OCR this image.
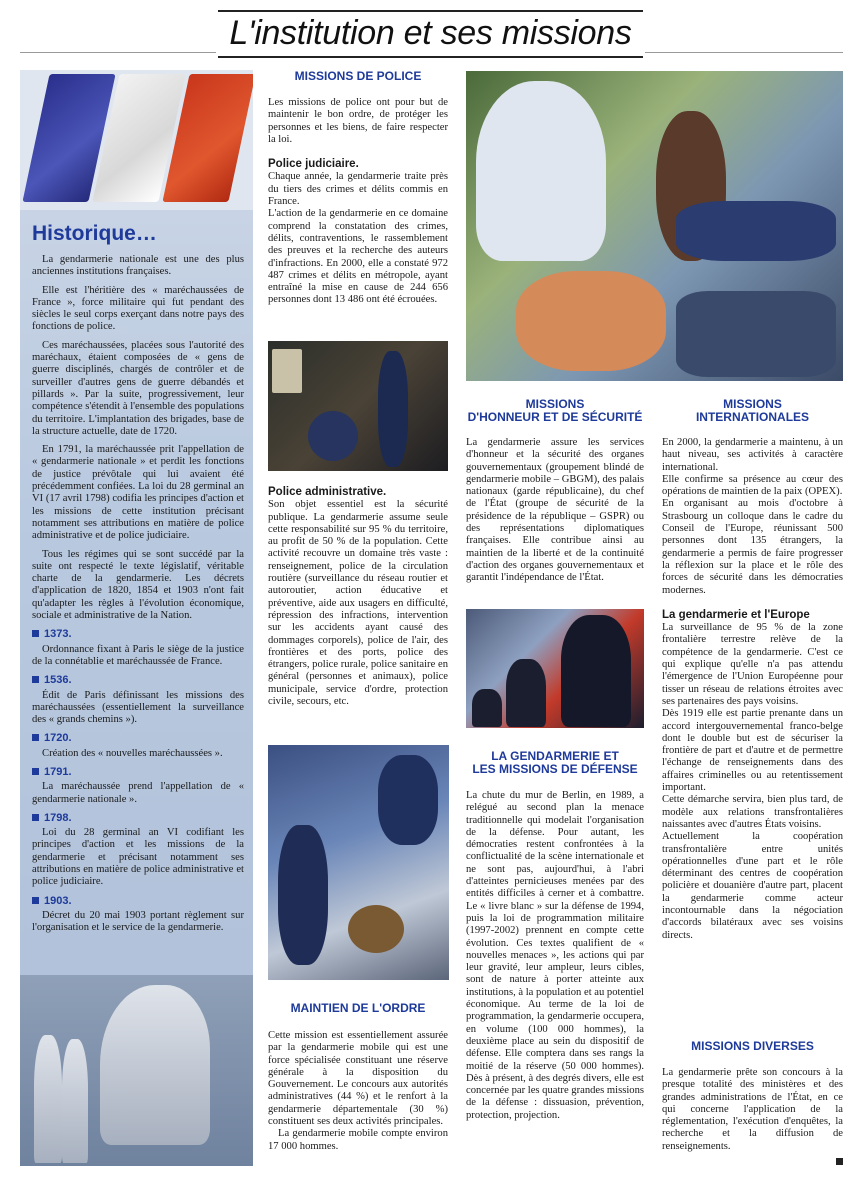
L'institution et ses missions
Historique…

La gendarmerie nationale est une des plus anciennes institutions françaises.

Elle est l'héritière des « maréchaussées de France », force militaire qui fut pendant des siècles le seul corps exerçant dans notre pays des fonctions de police.

Ces maréchaussées, placées sous l'autorité des maréchaux, étaient composées de « gens de guerre disciplinés, chargés de contrôler et de surveiller d'autres gens de guerre débandés et pillards ». Par la suite, progressivement, leur compétence s'étendit à l'ensemble des populations du territoire. L'implantation des brigades, base de la structure actuelle, date de 1720.

En 1791, la maréchaussée prit l'appellation de « gendarmerie nationale » et perdit les fonctions de justice prévôtale qui lui avaient été précédemment confiées. La loi du 28 germinal an VI (17 avril 1798) codifia les principes d'action et les missions de cette institution précisant notamment ses attributions en matière de police administrative et de police judiciaire.

Tous les régimes qui se sont succédé par la suite ont respecté le texte législatif, véritable charte de la gendarmerie. Les décrets d'application de 1820, 1854 et 1903 n'ont fait qu'adapter les règles à l'évolution économique, sociale et administrative de la Nation.

1373.

Ordonnance fixant à Paris le siège de la justice de la connétablie et maréchaussée de France.

1536.

Édit de Paris définissant les missions des maréchaussées (essentiellement la surveillance des « grands chemins »).

1720.

Création des « nouvelles maréchaussées ».

1791.

La maréchaussée prend l'appellation de « gendarmerie nationale ».

1798.

Loi du 28 germinal an VI codifiant les principes d'action et les missions de la gendarmerie et précisant notamment ses attributions en matière de police administrative et police judiciaire.

1903.

Décret du 20 mai 1903 portant règlement sur l'organisation et le service de la gendarmerie.

MISSIONS DE POLICE

Les missions de police ont pour but de maintenir le bon ordre, de protéger les personnes et les biens, de faire respecter la loi.

Police judiciaire.

Chaque année, la gendarmerie traite près du tiers des crimes et délits commis en France.

L'action de la gendarmerie en ce domaine comprend la constatation des crimes, délits, contraventions, le rassemblement des preuves et la recherche des auteurs d'infractions. En 2000, elle a constaté 972 487 crimes et délits en métropole, ayant entraîné la mise en cause de 244 656 personnes dont 13 486 ont été écrouées.

Police administrative.

Son objet essentiel est la sécurité publique. La gendarmerie assume seule cette responsabilité sur 95 % du territoire, au profit de 50 % de la population. Cette activité recouvre un domaine très vaste : renseignement, police de la circulation routière (surveillance du réseau routier et autoroutier, action éducative et préventive, aide aux usagers en difficulté, répression des infractions, intervention sur les accidents ayant causé des dommages corporels), police de l'air, des frontières et des ports, police des étrangers, police rurale, police sanitaire en général (personnes et animaux), police municipale, service d'ordre, protection civile, secours, etc.

MAINTIEN DE L'ORDRE

Cette mission est essentiellement assurée par la gendarmerie mobile qui est une force spécialisée constituant une réserve générale à la disposition du Gouvernement. Le concours aux autorités administratives (44 %) et le renfort à la gendarmerie départementale (30 %) constituent ses deux activités principales.

La gendarmerie mobile compte environ 17 000 hommes.

MISSIONS
D'HONNEUR ET DE SÉCURITÉ

La gendarmerie assure les services d'honneur et la sécurité des organes gouvernementaux (groupement blindé de gendarmerie mobile – GBGM), des palais nationaux (garde républicaine), du chef de l'État (groupe de sécurité de la présidence de la république – GSPR) ou des représentations diplomatiques françaises. Elle contribue ainsi au maintien de la liberté et de la continuité d'action des organes gouvernementaux et garantit l'indépendance de l'État.

LA GENDARMERIE ET
LES MISSIONS DE DÉFENSE

La chute du mur de Berlin, en 1989, a relégué au second plan la menace traditionnelle qui modelait l'organisation de la défense. Pour autant, les démocraties restent confrontées à la conflictualité de la scène internationale et ne sont pas, aujourd'hui, à l'abri d'atteintes pernicieuses menées par des entités difficiles à cerner et à combattre. Le « livre blanc » sur la défense de 1994, puis la loi de programmation militaire (1997-2002) prennent en compte cette évolution. Ces textes qualifient de « nouvelles menaces », les actions qui par leur gravité, leur ampleur, leurs cibles, sont de nature à porter atteinte aux institutions, à la population et au potentiel économique. Au terme de la loi de programmation, la gendarmerie occupera, en volume (100 000 hommes), la deuxième place au sein du dispositif de défense. Elle comptera dans ses rangs la moitié de la réserve (50 000 hommes). Dès à présent, à des degrés divers, elle est concernée par les quatre grandes missions de la défense : dissuasion, prévention, protection, projection.

MISSIONS
INTERNATIONALES

En 2000, la gendarmerie a maintenu, à un haut niveau, ses activités à caractère international.

Elle confirme sa présence au cœur des opérations de maintien de la paix (OPEX).

En organisant au mois d'octobre à Strasbourg un colloque dans le cadre du Conseil de l'Europe, réunissant 500 personnes dont 135 étrangers, la gendarmerie a permis de faire progresser la réflexion sur la place et le rôle des forces de sécurité dans les démocraties modernes.

La gendarmerie et l'Europe

La surveillance de 95 % de la zone frontalière terrestre relève de la compétence de la gendarmerie. C'est ce qui explique qu'elle n'a pas attendu l'émergence de l'Union Européenne pour tisser un réseau de relations étroites avec ses partenaires des pays voisins.

Dès 1919 elle est partie prenante dans un accord intergouvernemental franco-belge dont le double but est de sécuriser la frontière de part et d'autre et de permettre l'échange de renseignements dans des affaires criminelles ou au retentissement important.

Cette démarche servira, bien plus tard, de modèle aux relations transfrontalières naissantes avec d'autres États voisins.

Actuellement la coopération transfrontalière entre unités opérationnelles d'une part et le rôle déterminant des centres de coopération policière et douanière d'autre part, placent la gendarmerie comme acteur incontournable dans la négociation d'accords bilatéraux avec ses voisins directs.

MISSIONS DIVERSES

La gendarmerie prête son concours à la presque totalité des ministères et des grandes administrations de l'État, en ce qui concerne l'application de la réglementation, l'exécution d'enquêtes, la recherche et la diffusion de renseignements.
